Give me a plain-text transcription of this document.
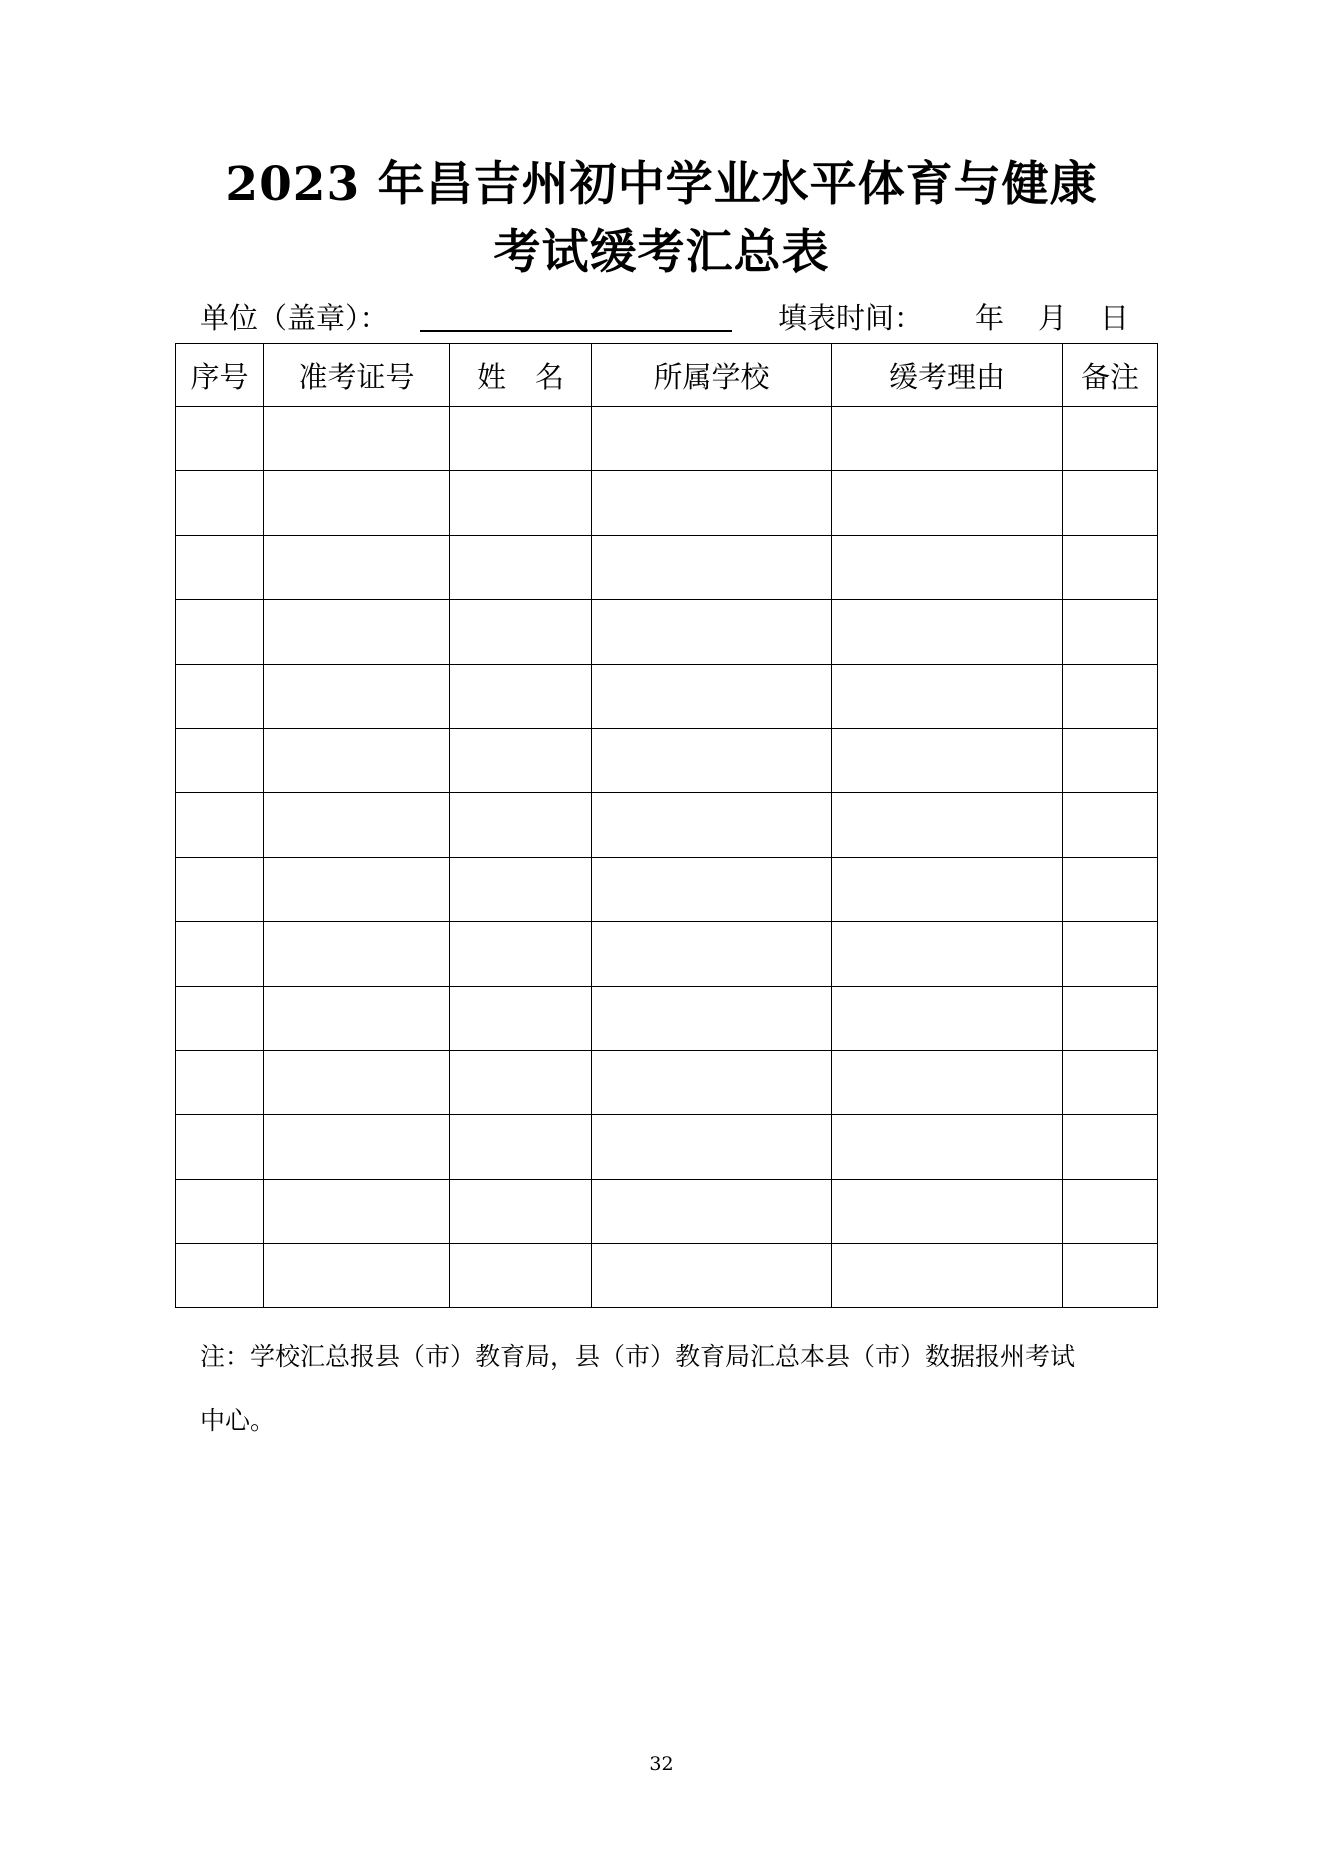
2023 年昌吉州初中学业水平体育与健康
考试缓考汇总表
单位（盖章）：	填表时间： 年 月 日
序号	准考证号	姓　名	所属学校	缓考理由	备注

注：学校汇总报县（市）教育局，县（市）教育局汇总本县（市）数据报州考试
中心。
32
